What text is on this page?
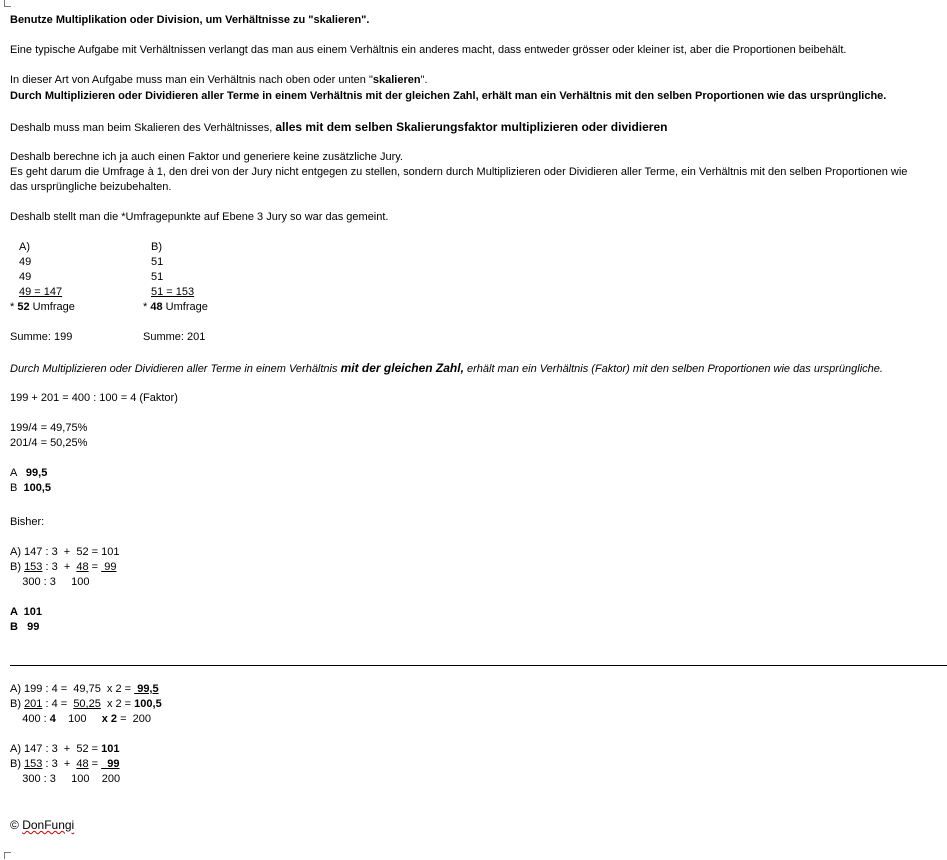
Benutze Multiplikation oder Division, um Verhältnisse zu "skalieren".
Eine typische Aufgabe mit Verhältnissen verlangt das man aus einem Verhältnis ein anderes macht, dass entweder grösser oder kleiner ist, aber die Proportionen beibehält.
In dieser Art von Aufgabe muss man ein Verhältnis nach oben oder unten "skalieren".
Durch Multiplizieren oder Dividieren aller Terme in einem Verhältnis mit der gleichen Zahl, erhält man ein Verhältnis mit den selben Proportionen wie das ursprüngliche.
Deshalb muss man beim Skalieren des Verhältnisses, alles mit dem selben Skalierungsfaktor multiplizieren oder dividieren
Deshalb berechne ich ja auch einen Faktor und generiere keine zusätzliche Jury.
Es geht darum die Umfrage à 1, den drei von der Jury nicht entgegen zu stellen, sondern durch Multiplizieren oder Dividieren aller Terme, ein Verhältnis mit den selben Proportionen wie
das ursprüngliche beizubehalten.
Deshalb stellt man die *Umfragepunkte auf Ebene 3 Jury so war das gemeint.
A)	B)
49	51
49	51
49 = 147	51 = 153
* 52 Umfrage	* 48 Umfrage
Summe: 199	Summe: 201
Durch Multiplizieren oder Dividieren aller Terme in einem Verhältnis mit der gleichen Zahl, erhält man ein Verhältnis (Faktor) mit den selben Proportionen wie das ursprüngliche.
199 + 201 = 400 : 100 = 4 (Faktor)
199/4 = 49,75%
201/4 = 50,25%
A   99,5
B  100,5
Bisher:
A) 147 : 3  +  52 = 101
B) 153 : 3  +  48 =  99
300 : 3     100
A  101
B   99
A) 199 : 4 =  49,75  x 2 =  99,5
B) 201 : 4 =  50,25  x 2 = 100,5
400 : 4    100     x 2 =  200
A) 147 : 3  +  52 = 101
B) 153 : 3  +  48 =   99
300 : 3     100    200
© DonFungi
